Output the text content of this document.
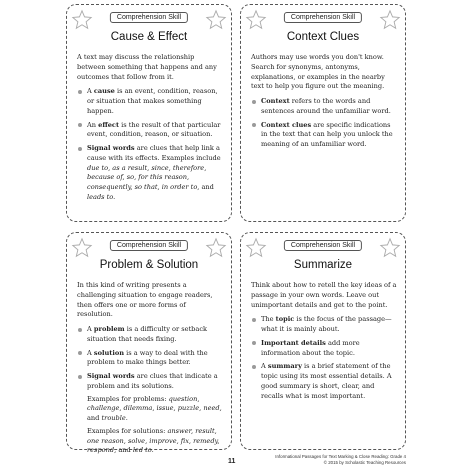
Comprehension Skill
Cause & Effect

A text may discuss the relationship between something that happens and any outcomes that follow from it.

A cause is an event, condition, reason, or situation that makes something happen.
An effect is the result of that particular event, condition, reason, or situation.
Signal words are clues that help link a cause with its effects. Examples include due to, as a result, since, therefore, because of, so, for this reason, consequently, so that, in order to, and leads to.
Comprehension Skill
Context Clues

Authors may use words you don't know. Search for synonyms, antonyms, explanations, or examples in the nearby text to help you figure out the meaning.

Context refers to the words and sentences around the unfamiliar word.
Context clues are specific indications in the text that can help you unlock the meaning of an unfamiliar word.
Comprehension Skill
Problem & Solution

In this kind of writing presents a challenging situation to engage readers, then offers one or more forms of resolution.

A problem is a difficulty or setback situation that needs fixing.
A solution is a way to deal with the problem to make things better.
Signal words are clues that indicate a problem and its solutions.
Examples for problems: question, challenge, dilemma, issue, puzzle, need, and trouble.
Examples for solutions: answer, result, one reason, solve, improve, fix, remedy, respond, and led to.
Comprehension Skill
Summarize

Think about how to retell the key ideas of a passage in your own words. Leave out unimportant details and get to the point.

The topic is the focus of the passage— what it is mainly about.
Important details add more information about the topic.
A summary is a brief statement of the topic using its most essential details. A good summary is short, clear, and recalls what is most important.
11
Informational Passages for Text Marking & Close Reading: Grade 4
© 2015 by Scholastic Teaching Resources
